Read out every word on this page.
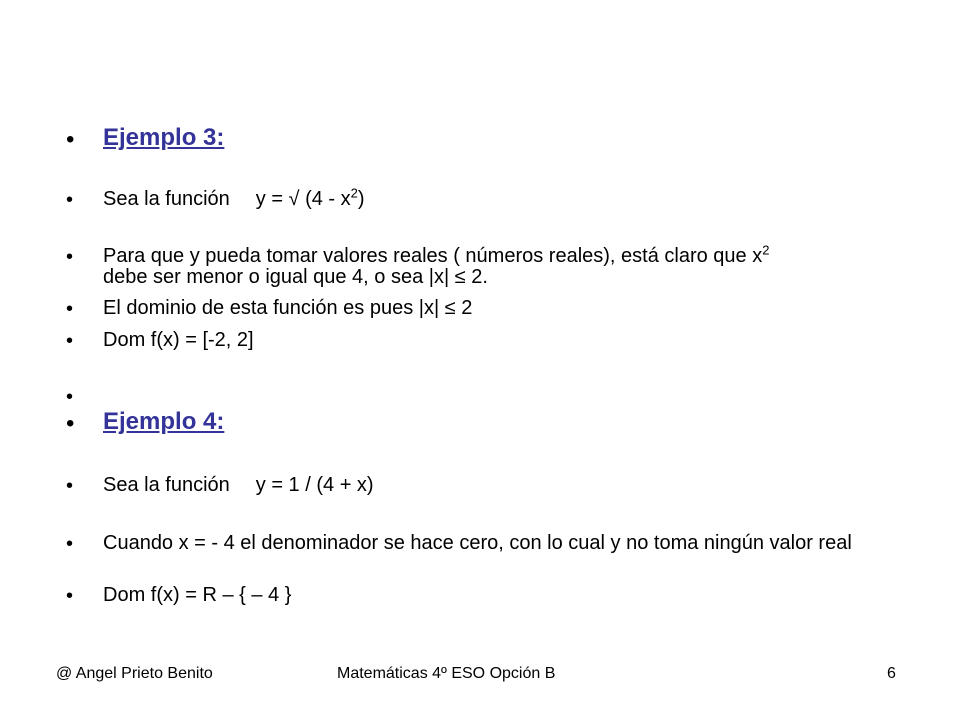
• Ejemplo 3:
• Sea la función y = √ $(4 - x^2)$
• Para que y pueda tomar valores reales ( números reales), está claro que $x^2$
debe ser menor o igual que 4, o sea |x| ≤ 2.
• El dominio de esta función es pues |x| ≤ 2
• Dom f(x) = [-2, 2]
•
• Ejemplo 4:
• Sea la función y = 1 / (4 + x)
• Cuando x = - 4 el denominador se hace cero, con lo cual y no toma ningún valor real
• Dom f(x) = R – { – 4 }
@ Angel Prieto Benito	Matemáticas 4º ESO Opción B	6
